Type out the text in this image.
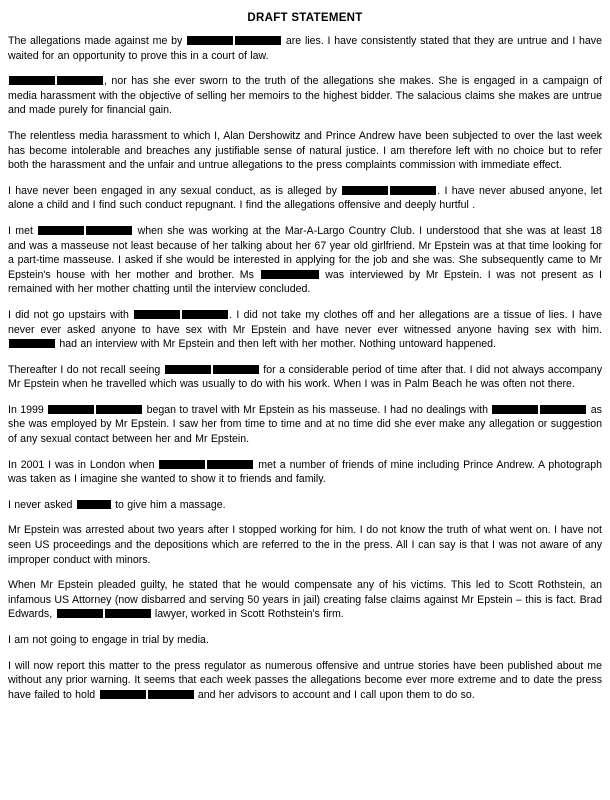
DRAFT STATEMENT

The allegations made against me by	are lies. I have consistently stated that they are untrue and I have waited for an opportunity to prove this in a court of law.

, nor has she ever sworn to the truth of the allegations she makes. She is engaged in a campaign of media harassment with the objective of selling her memoirs to the highest bidder. The salacious claims she makes are untrue and made purely for financial gain.

The relentless media harassment to which I, Alan Dershowitz and Prince Andrew have been subjected to over the last week has become intolerable and breaches any justifiable sense of natural justice. I am therefore left with no choice but to refer both the harassment and the unfair and untrue allegations to the press complaints commission with immediate effect.

I have never been engaged in any sexual conduct, as is alleged by	. I have never abused anyone, let alone a child and I find such conduct repugnant. I find the allegations offensive and deeply hurtful .

I met	when she was working at the Mar-A-Largo Country Club. I understood that she was at least 18 and was a masseuse not least because of her talking about her 67 year old girlfriend. Mr Epstein was at that time looking for a part-time masseuse. I asked if she would be interested in applying for the job and she was. She subsequently came to Mr Epstein's house with her mother and brother. Ms	was interviewed by Mr Epstein. I was not present as I remained with her mother chatting until the interview concluded.

I did not go upstairs with	. I did not take my clothes off and her allegations are a tissue of lies. I have never ever asked anyone to have sex with Mr Epstein and have never ever witnessed anyone having sex with him.  had an interview with Mr Epstein and then left with her mother. Nothing untoward happened.

Thereafter I do not recall seeing	for a considerable period of time after that. I did not always accompany Mr Epstein when he travelled which was usually to do with his work. When I was in Palm Beach he was often not there.

In 1999	began to travel with Mr Epstein as his masseuse. I had no dealings with	as she was employed by Mr Epstein. I saw her from time to time and at no time did she ever make any allegation or suggestion of any sexual contact between her and Mr Epstein.

In 2001 I was in London when	met a number of friends of mine including Prince Andrew. A photograph was taken as I imagine she wanted to show it to friends and family.

I never asked	to give him a massage.

Mr Epstein was arrested about two years after I stopped working for him. I do not know the truth of what went on. I have not seen US proceedings and the depositions which are referred to the in the press. All I can say is that I was not aware of any improper conduct with minors.

When Mr Epstein pleaded guilty, he stated that he would compensate any of his victims. This led to Scott Rothstein, an infamous US Attorney (now disbarred and serving 50 years in jail) creating false claims against Mr Epstein – this is fact. Brad Edwards,	lawyer, worked in Scott Rothstein's firm.

I am not going to engage in trial by media.

I will now report this matter to the press regulator as numerous offensive and untrue stories have been published about me without any prior warning. It seems that each week passes the allegations become ever more extreme and to date the press have failed to hold	and her advisors to account and I call upon them to do so.
